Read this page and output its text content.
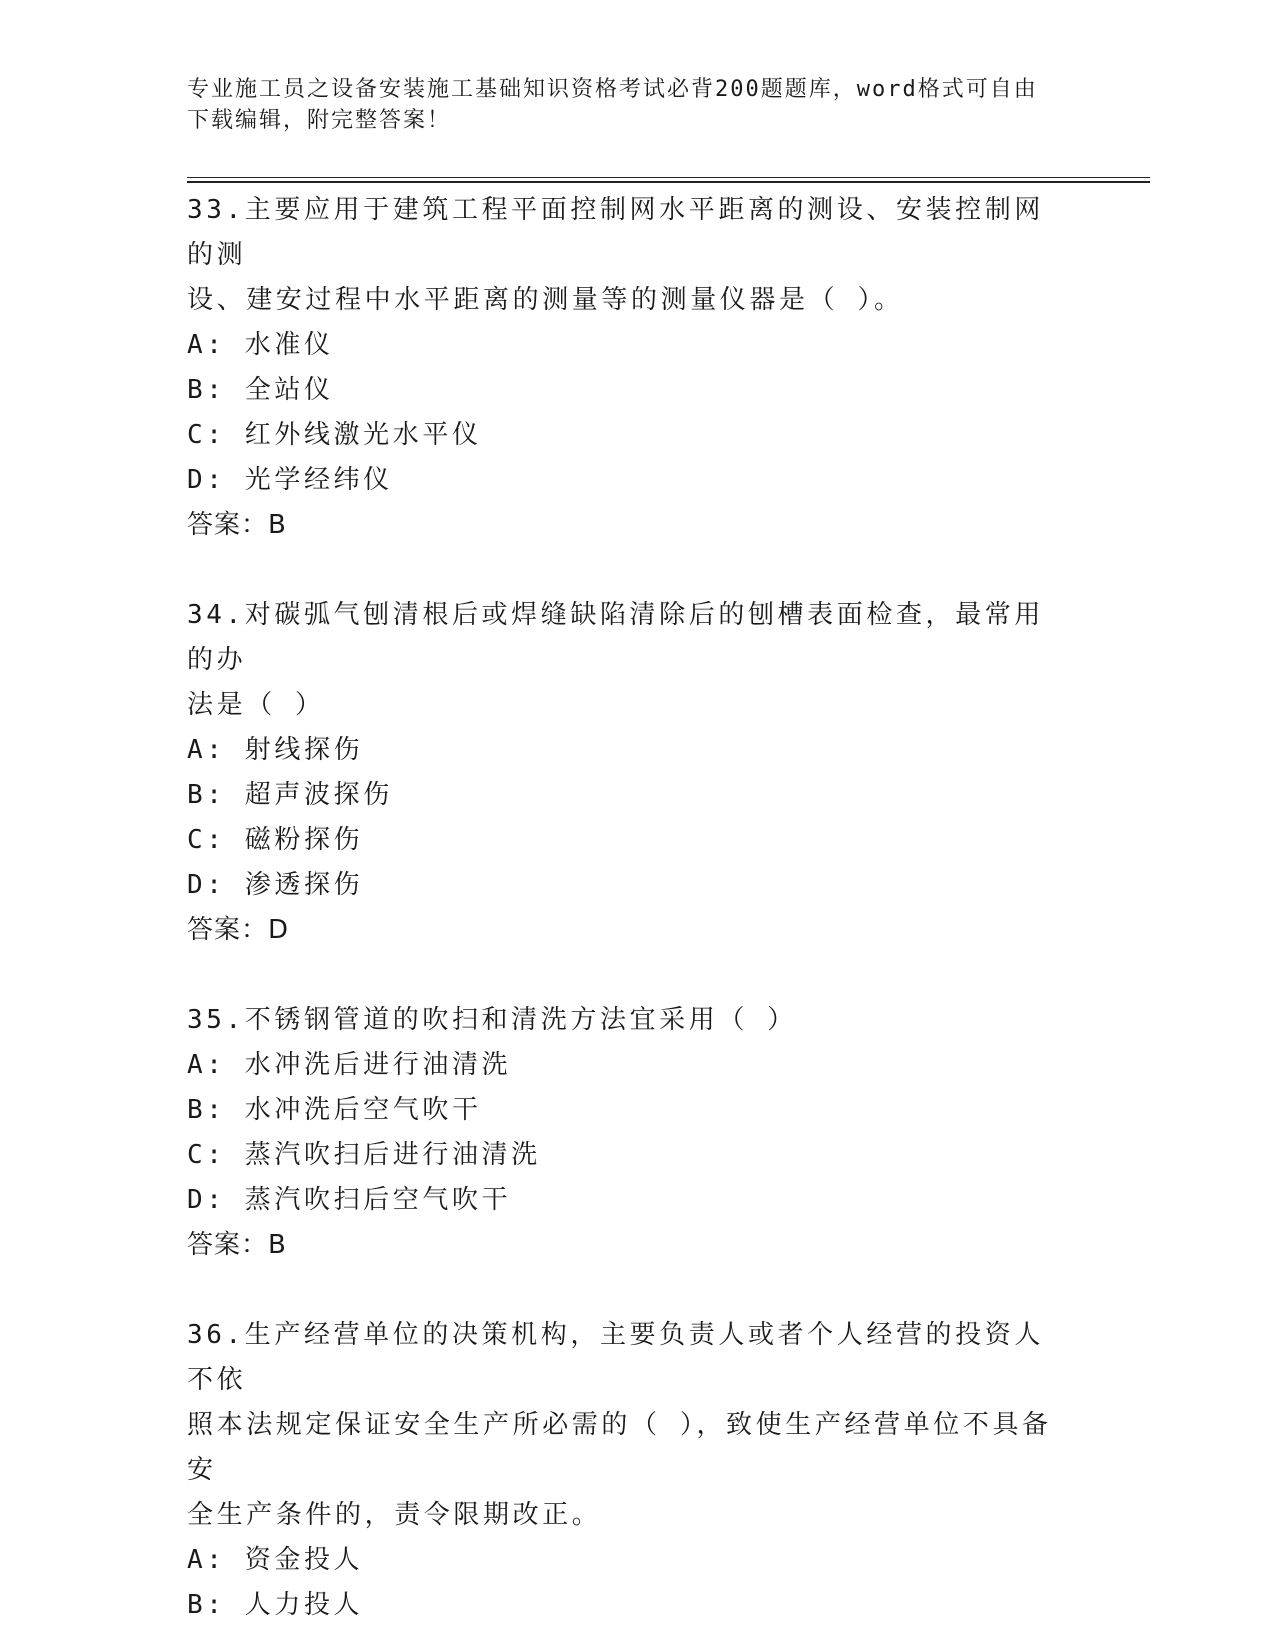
专业施工员之设备安装施工基础知识资格考试必背200题题库，word格式可自由
下载编辑，附完整答案！
33.主要应用于建筑工程平面控制网水平距离的测设、安装控制网的测
设、建安过程中水平距离的测量等的测量仪器是（ ）。
A: 水准仪
B: 全站仪
C: 红外线激光水平仪
D: 光学经纬仪
答案：B
34.对碳弧气刨清根后或焊缝缺陷清除后的刨槽表面检查，最常用的办
法是（ ）
A: 射线探伤
B: 超声波探伤
C: 磁粉探伤
D: 渗透探伤
答案：D
35.不锈钢管道的吹扫和清洗方法宜采用（ ）
A: 水冲洗后进行油清洗
B: 水冲洗后空气吹干
C: 蒸汽吹扫后进行油清洗
D: 蒸汽吹扫后空气吹干
答案：B
36.生产经营单位的决策机构，主要负责人或者个人经营的投资人不依
照本法规定保证安全生产所必需的（ ），致使生产经营单位不具备安
全生产条件的，责令限期改正。
A: 资金投人
B: 人力投人
